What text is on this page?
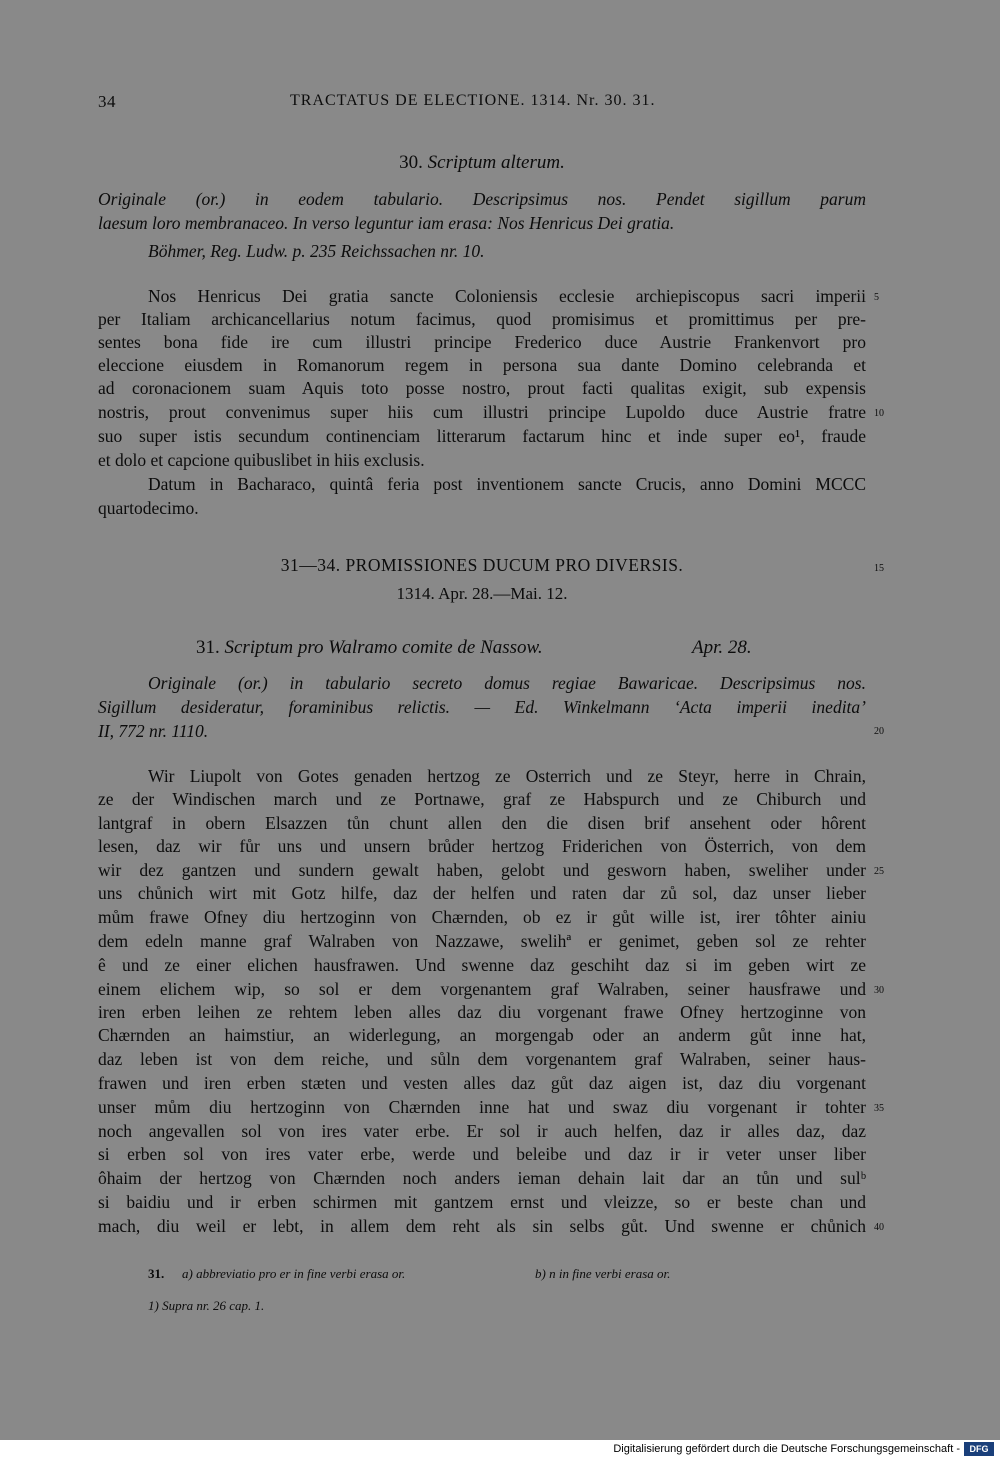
34	TRACTATUS DE ELECTIONE. 1314. Nr. 30. 31.
30. Scriptum alterum.
Originale (or.) in eodem tabulario. Descripsimus nos. Pendet sigillum parum
laesum loro membranaceo. In verso leguntur iam erasa: Nos Henricus Dei gratia.
Böhmer, Reg. Ludw. p. 235 Reichssachen nr. 10.
Nos Henricus Dei gratia sancte Coloniensis ecclesie archiepiscopus sacri imperii
per Italiam archicancellarius notum facimus, quod promisimus et promittimus per pre-
sentes bona fide ire cum illustri principe Frederico duce Austrie Frankenvort pro
eleccione eiusdem in Romanorum regem in persona sua dante Domino celebranda et
ad coronacionem suam Aquis toto posse nostro, prout facti qualitas exigit, sub expensis
nostris, prout convenimus super hiis cum illustri principe Lupoldo duce Austrie fratre
suo super istis secundum continenciam litterarum factarum hinc et inde super eo¹, fraude
et dolo et capcione quibuslibet in hiis exclusis.
Datum in Bacharaco, quintâ feria post inventionem sancte Crucis, anno Domini MCCC
quartodecimo.
31—34. PROMISSIONES DUCUM PRO DIVERSIS.
1314. Apr. 28.—Mai. 12.
31. Scriptum pro Walramo comite de Nassow.	Apr. 28.
Originale (or.) in tabulario secreto domus regiae Bawaricae. Descripsimus nos.
Sigillum desideratur, foraminibus relictis. — Ed. Winkelmann ‘Acta imperii inedita’
II, 772 nr. 1110.
Wir Liupolt von Gotes genaden hertzog ze Osterrich und ze Steyr, herre in Chrain,
ze der Windischen march und ze Portnawe, graf ze Habspurch und ze Chiburch und
lantgraf in obern Elsazzen tůn chunt allen den die disen brif ansehent oder hôrent
lesen, daz wir fůr uns und unsern brůder hertzog Friderichen von Österrich, von dem
wir dez gantzen und sundern gewalt haben, gelobt und gesworn haben, sweliher under
uns chůnich wirt mit Gotz hilfe, daz der helfen und raten dar zů sol, daz unser lieber
mům frawe Ofney diu hertzoginn von Chærnden, ob ez ir gůt wille ist, irer tôhter ainiu
dem edeln manne graf Walraben von Nazzawe, swelihª er genimet, geben sol ze rehter
ê und ze einer elichen hausfrawen. Und swenne daz geschiht daz si im geben wirt ze
einem elichem wip, so sol er dem vorgenantem graf Walraben, seiner hausfrawe und
iren erben leihen ze rehtem leben alles daz diu vorgenant frawe Ofney hertzoginne von
Chærnden an haimstiur, an widerlegung, an morgengab oder an anderm gůt inne hat,
daz leben ist von dem reiche, und sůln dem vorgenantem graf Walraben, seiner haus-
frawen und iren erben stæten und vesten alles daz gůt daz aigen ist, daz diu vorgenant
unser mům diu hertzoginn von Chærnden inne hat und swaz diu vorgenant ir tohter
noch angevallen sol von ires vater erbe. Er sol ir auch helfen, daz ir alles daz, daz
si erben sol von ires vater erbe, werde und beleibe und daz ir ir veter unser liber
ôhaim der hertzog von Chærnden noch anders ieman dehain lait dar an tůn und sulᵇ
si baidiu und ir erben schirmen mit gantzem ernst und vleizze, so er beste chan und
mach, diu weil er lebt, in allem dem reht als sin selbs gůt. Und swenne er chůnich
5
10
15
20
25
30
35
40
31. a) abbreviatio pro er in fine verbi erasa or.	b) n in fine verbi erasa or.
1) Supra nr. 26 cap. 1.
Digitalisierung gefördert durch die Deutsche Forschungsgemeinschaft -	DFG
